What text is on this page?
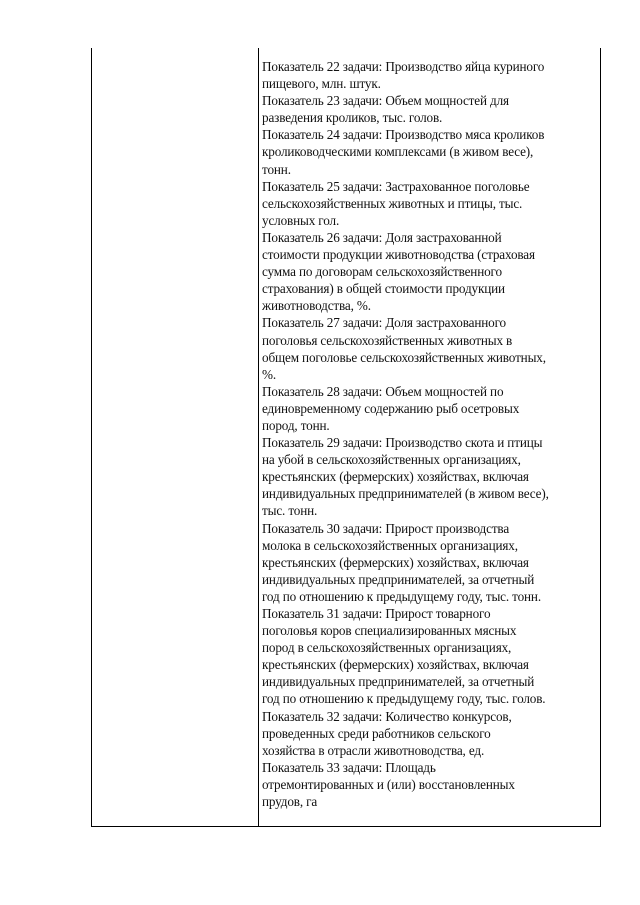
Показатель 22 задачи: Производство яйца куриного
пищевого, млн. штук.
Показатель 23 задачи: Объем мощностей для
разведения кроликов, тыс. голов.
Показатель 24 задачи: Производство мяса кроликов
кролиководческими комплексами (в живом весе),
тонн.
Показатель 25 задачи: Застрахованное поголовье
сельскохозяйственных животных и птицы, тыс.
условных гол.
Показатель 26 задачи: Доля застрахованной
стоимости продукции животноводства (страховая
сумма по договорам сельскохозяйственного
страхования) в общей стоимости продукции
животноводства, %.
Показатель 27 задачи: Доля застрахованного
поголовья сельскохозяйственных животных в
общем поголовье сельскохозяйственных животных,
%.
Показатель 28 задачи: Объем мощностей по
единовременному содержанию рыб осетровых
пород, тонн.
Показатель 29 задачи: Производство скота и птицы
на убой в сельскохозяйственных организациях,
крестьянских (фермерских) хозяйствах, включая
индивидуальных предпринимателей (в живом весе),
тыс. тонн.
Показатель 30 задачи: Прирост производства
молока в сельскохозяйственных организациях,
крестьянских (фермерских) хозяйствах, включая
индивидуальных предпринимателей, за отчетный
год по отношению к предыдущему году, тыс. тонн.
Показатель 31 задачи: Прирост товарного
поголовья коров специализированных мясных
пород в сельскохозяйственных организациях,
крестьянских (фермерских) хозяйствах, включая
индивидуальных предпринимателей, за отчетный
год по отношению к предыдущему году, тыс. голов.
Показатель 32 задачи: Количество конкурсов,
проведенных среди работников сельского
хозяйства в отрасли животноводства, ед.
Показатель 33 задачи: Площадь
отремонтированных и (или) восстановленных
прудов, га
